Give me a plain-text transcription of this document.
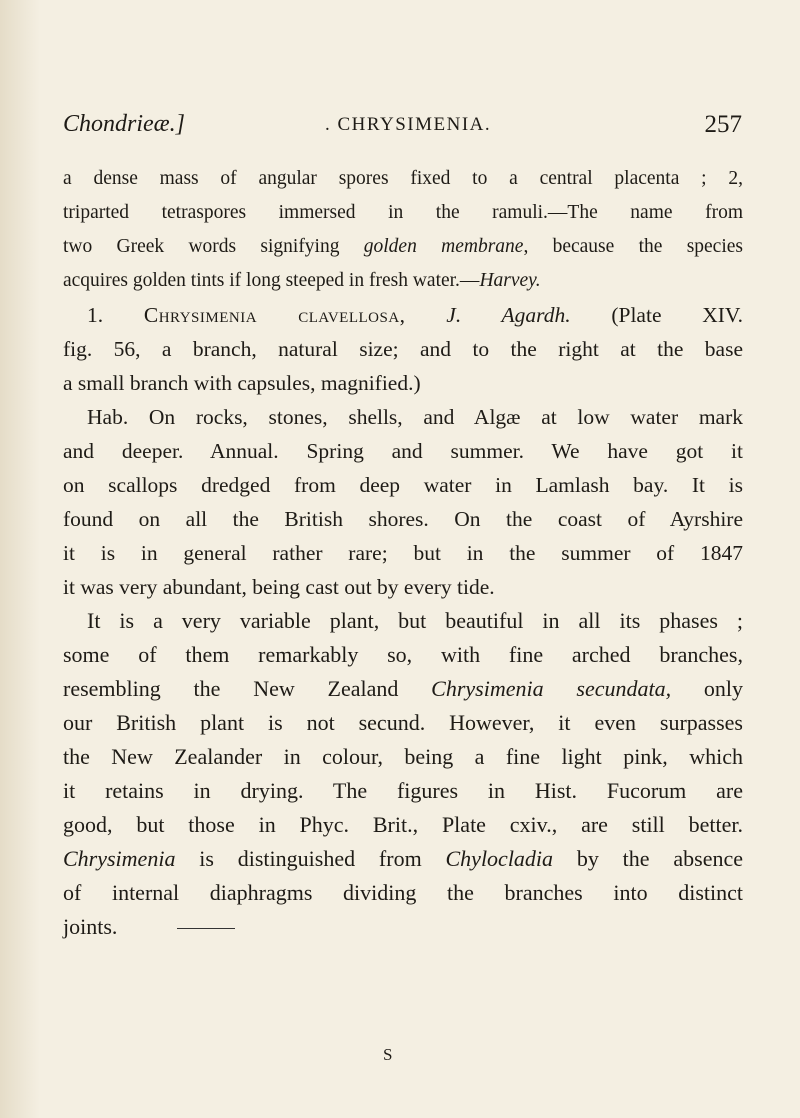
Chondrieæ.]	. CHRYSIMENIA.	257
a dense mass of angular spores fixed to a central placenta ; 2,
triparted tetraspores immersed in the ramuli.—The name from
two Greek words signifying golden membrane, because the species
acquires golden tints if long steeped in fresh water.—Harvey.
1. Chrysimenia clavellosa, J. Agardh. (Plate XIV.
fig. 56, a branch, natural size; and to the right at the base
a small branch with capsules, magnified.)
Hab. On rocks, stones, shells, and Algæ at low water mark
and deeper. Annual. Spring and summer. We have got it
on scallops dredged from deep water in Lamlash bay. It is
found on all the British shores. On the coast of Ayrshire
it is in general rather rare; but in the summer of 1847
it was very abundant, being cast out by every tide.
It is a very variable plant, but beautiful in all its phases ;
some of them remarkably so, with fine arched branches,
resembling the New Zealand Chrysimenia secundata, only
our British plant is not secund. However, it even surpasses
the New Zealander in colour, being a fine light pink, which
it retains in drying. The figures in Hist. Fucorum are
good, but those in Phyc. Brit., Plate cxiv., are still better.
Chrysimenia is distinguished from Chylocladia by the absence
of internal diaphragms dividing the branches into distinct
joints.
S
